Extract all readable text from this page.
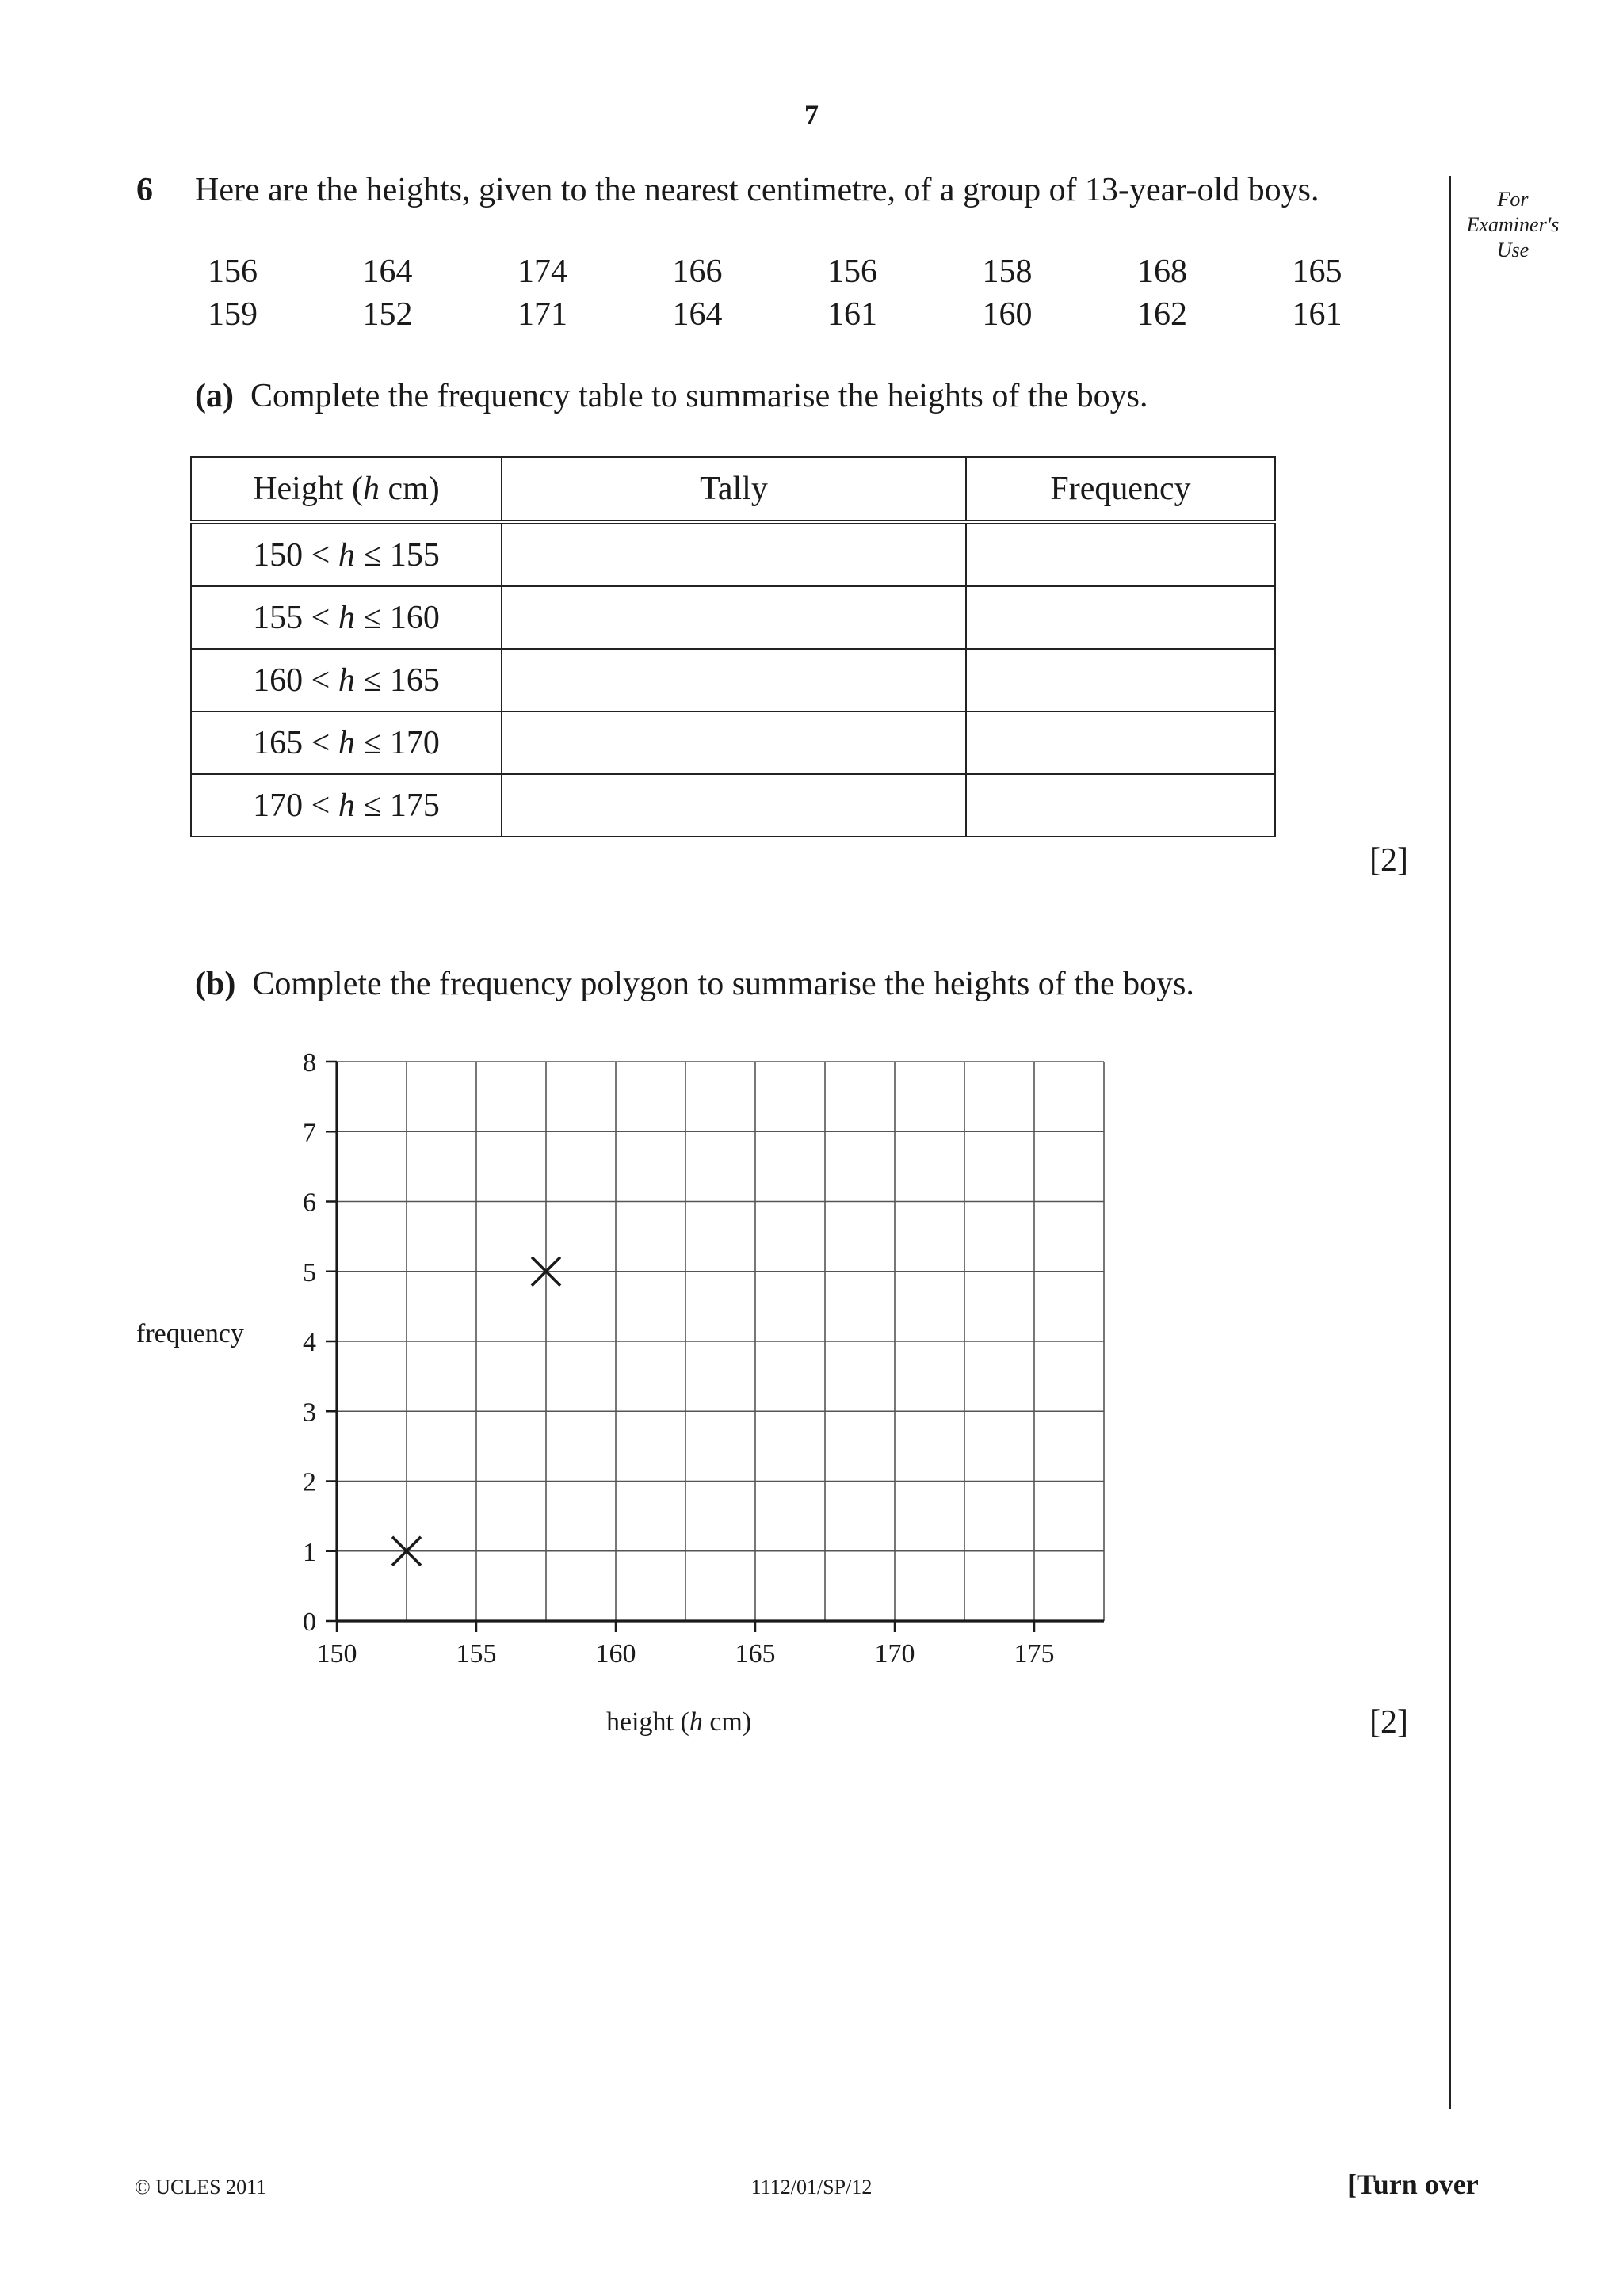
7
6 Here are the heights, given to the nearest centimetre, of a group of 13-year-old boys.
156	164	174	166	156	158	168	165
159	152	171	164	161	160	162	161
(a) Complete the frequency table to summarise the heights of the boys.
Height (h cm)	Tally	Frequency
150 < h ≤ 155		
155 < h ≤ 160		
160 < h ≤ 165		
165 < h ≤ 170		
170 < h ≤ 175		
[2]
(b) Complete the frequency polygon to summarise the heights of the boys.
0
1
2
3
4
5
6
7
8
150	155	160	165	170	175
frequency
height (h cm)	[2]
For
Examiner's
Use
© UCLES 2011	1112/01/SP/12	[Turn over
